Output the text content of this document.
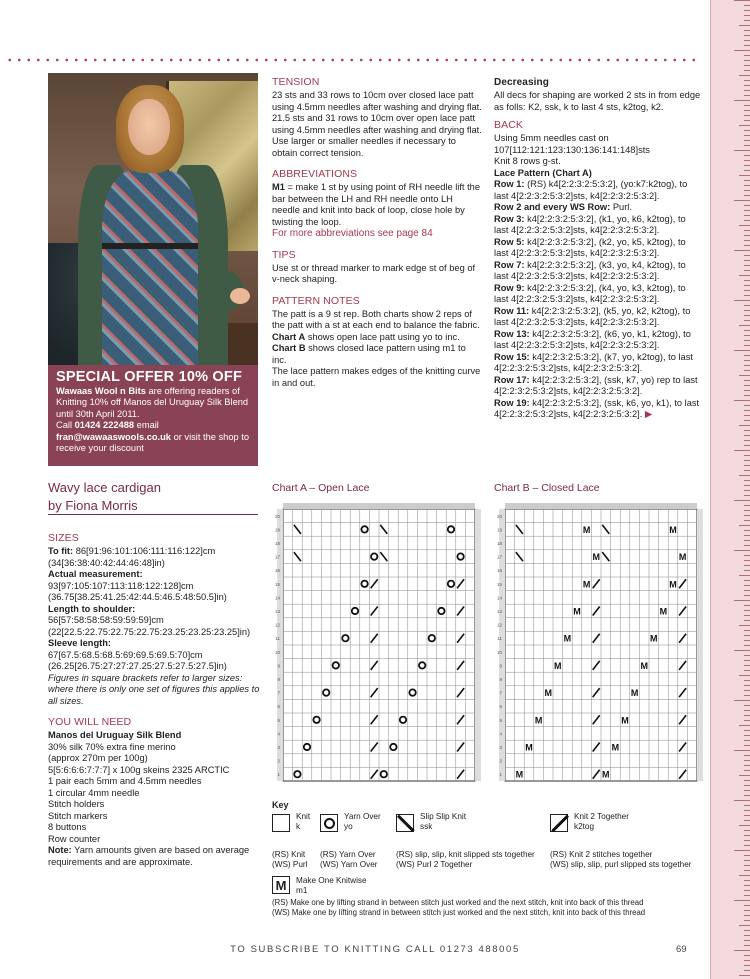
SPECIAL OFFER 10% OFF

Wawaas Wool n Bits are offering readers of Knitting 10% off Manos del Uruguay Silk Blend until 30th April 2011.

Call 01424 222488 email
fran@wawaaswools.co.uk or visit the shop to receive your discount

Wavy lace cardigan
by Fiona Morris
SIZES
To fit: 86[91:96:101:106:111:116:122]cm (34[36:38:40:42:44:46:48]in)
Actual measurement:
93[97:105:107:113:118:122:128]cm (36.75[38.25:41.25:42:44.5:46.5:48:50.5]in)
Length to shoulder:
56[57:58:58:58:59:59:59]cm (22[22.5:22.75:22.75:22.75:23.25:23.25:23.25]in)
Sleeve length:
67[67.5:68.5:68.5:69:69.5:69.5:70]cm (26.25[26.75:27:27:27.25:27.5:27.5:27.5]in)
Figures in square brackets refer to larger sizes: where there is only one set of figures this applies to all sizes.
YOU WILL NEED
Manos del Uruguay Silk Blend
30% silk 70% extra fine merino
(approx 270m per 100g)
5[5:6:6:6:7:7:7] x 100g skeins 2325 ARCTIC
1 pair each 5mm and 4.5mm needles
1 circular 4mm needle
Stitch holders
Stitch markers
8 buttons
Row counter
Note: Yarn amounts given are based on average requirements and are approximate.
TENSION
23 sts and 33 rows to 10cm over closed lace patt using 4.5mm needles after washing and drying flat.
21.5 sts and 31 rows to 10cm over open lace patt using 4.5mm needles after washing and drying flat.
Use larger or smaller needles if necessary to obtain correct tension.
ABBREVIATIONS
M1 = make 1 st by using point of RH needle lift the bar between the LH and RH needle onto LH needle and knit into back of loop, close hole by twisting the loop.
For more abbreviations see page 84
TIPS
Use st or thread marker to mark edge st of beg of v-neck shaping.
PATTERN NOTES
The patt is a 9 st rep. Both charts show 2 reps of the patt with a st at each end to balance the fabric.
Chart A shows open lace patt using yo to inc.
Chart B shows closed lace pattern using m1 to inc.
The lace pattern makes edges of the knitting curve in and out.
Decreasing
All decs for shaping are worked 2 sts in from edge as folls: K2, ssk, k to last 4 sts, k2tog, k2.
BACK
Using 5mm needles cast on 107[112:121:123:130:136:141:148]sts
Knit 8 rows g-st.
Lace Pattern (Chart A)
Row 1: (RS) k4[2:2:3:2:5:3:2], (yo:k7:k2tog), to last 4[2:2:3:2:5:3:2]sts, k4[2:2:3:2:5:3:2].
Row 2 and every WS Row: Purl.
Row 3: k4[2:2:3:2:5:3:2], (k1, yo, k6, k2tog), to last 4[2:2:3:2:5:3:2]sts, k4[2:2:3:2:5:3:2].
Row 5: k4[2:2:3:2:5:3:2], (k2, yo, k5, k2tog), to last 4[2:2:3:2:5:3:2]sts, k4[2:2:3:2:5:3:2].
Row 7: k4[2:2:3:2:5:3:2], (k3, yo, k4, k2tog), to last 4[2:2:3:2:5:3:2]sts, k4[2:2:3:2:5:3:2].
Row 9: k4[2:2:3:2:5:3:2], (k4, yo, k3, k2tog), to last 4[2:2:3:2:5:3:2]sts, k4[2:2:3:2:5:3:2].
Row 11: k4[2:2:3:2:5:3:2], (k5, yo, k2, k2tog), to last 4[2:2:3:2:5:3:2]sts, k4[2:2:3:2:5:3:2].
Row 13: k4[2:2:3:2:5:3:2], (k6, yo, k1, k2tog), to last 4[2:2:3:2:5:3:2]sts, k4[2:2:3:2:5:3:2].
Row 15: k4[2:2:3:2:5:3:2], (k7, yo, k2tog), to last 4[2:2:3:2:5:3:2]sts, k4[2:2:3:2:5:3:2].
Row 17: k4[2:2:3:2:5:3:2], (ssk, k7, yo) rep to last 4[2:2:3:2:5:3:2]sts, k4[2:2:3:2:5:3:2].
Row 19: k4[2:2:3:2:5:3:2], (ssk, k6, yo, k1), to last 4[2:2:3:2:5:3:2]sts, k4[2:2:3:2:5:3:2]. ▶
Chart A – Open Lace	Chart B – Closed Lace
1
2
3
4
5
6
7
8
9
10
11
12
13
14
15
16
17
18
19
20
M
M
M
M
M
M
M
M
M
M
M
M
M
M
M
M
M
M
M
M
1
2
3
4
5
6
7
8
9
10
11
12
13
14
15
16
17
18
19
20
Key
Knit
k
Yarn Over
yo
Slip Slip Knit
ssk
Knit 2 Together
k2tog
(RS) Knit
(WS) Purl
(RS) Yarn Over
(WS) Yarn Over
(RS) slip, slip, knit slipped sts together
(WS) Purl 2 Together
(RS) Knit 2 stitches together
(WS) slip, slip, purl slipped sts together
M	Make One Knitwise
m1
(RS) Make one by lifting strand in between stitch just worked and the next stitch, knit into back of this thread
(WS) Make one by lifting strand in between stitch just worked and the next stitch, knit into back of this thread
TO SUBSCRIBE TO KNITTING CALL 01273 488005	69
